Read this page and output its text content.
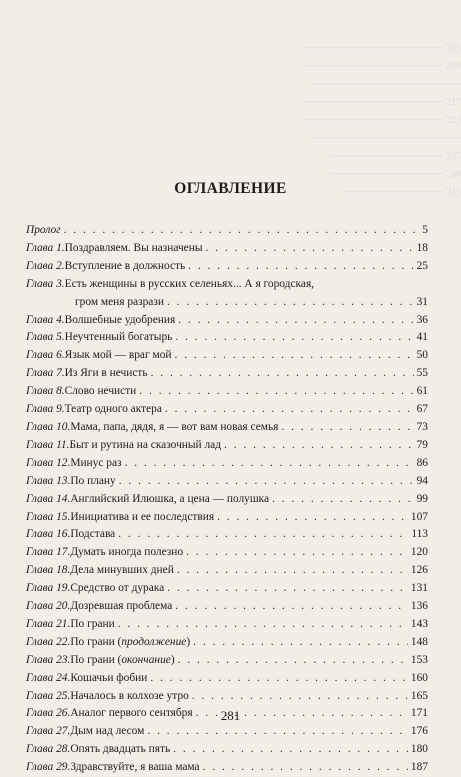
──────────────────── 205
──────────────────── 209
─────────────────────
──────────────────── 217
──────────────────── 223
─────────────────────
──────────────── 235
──────────────── 240
────────────── 245
ОГЛАВЛЕНИЕ
Пролог . . .	5
Глава 1. Поздравляем. Вы назначены . . .	18
Глава 2. Вступление в должность . . .	25
Глава 3. Есть женщины в русских селеньях... А я городская,
гром меня разрази . . .	31
Глава 4. Волшебные удобрения . . .	36
Глава 5. Неучтенный богатырь . . .	41
Глава 6. Язык мой — враг мой . . .	50
Глава 7. Из Яги в нечисть . . .	55
Глава 8. Слово нечисти . . .	61
Глава 9. Театр одного актера . . .	67
Глава 10. Мама, папа, дядя, я — вот вам новая семья . . .	73
Глава 11. Быт и рутина на сказочный лад . . .	79
Глава 12. Минус раз . . .	86
Глава 13. По плану . . .	94
Глава 14. Английский Илюшка, а цена — полушка . . .	99
Глава 15. Инициатива и ее последствия . . .	107
Глава 16. Подстава . . .	113
Глава 17. Думать иногда полезно . . .	120
Глава 18. Дела минувших дней . . .	126
Глава 19. Средство от дурака . . .	131
Глава 20. Дозревшая проблема . . .	136
Глава 21. По грани . . .	143
Глава 22. По грани (продолжение) . . .	148
Глава 23. По грани (окончание) . . .	153
Глава 24. Кошачьи фобии . . .	160
Глава 25. Началось в колхозе утро . . .	165
Глава 26. Аналог первого сентября . . .	171
Глава 27. Дым над лесом . . .	176
Глава 28. Опять двадцать пять . . .	180
Глава 29. Здравствуйте, я ваша мама . . .	187
281
